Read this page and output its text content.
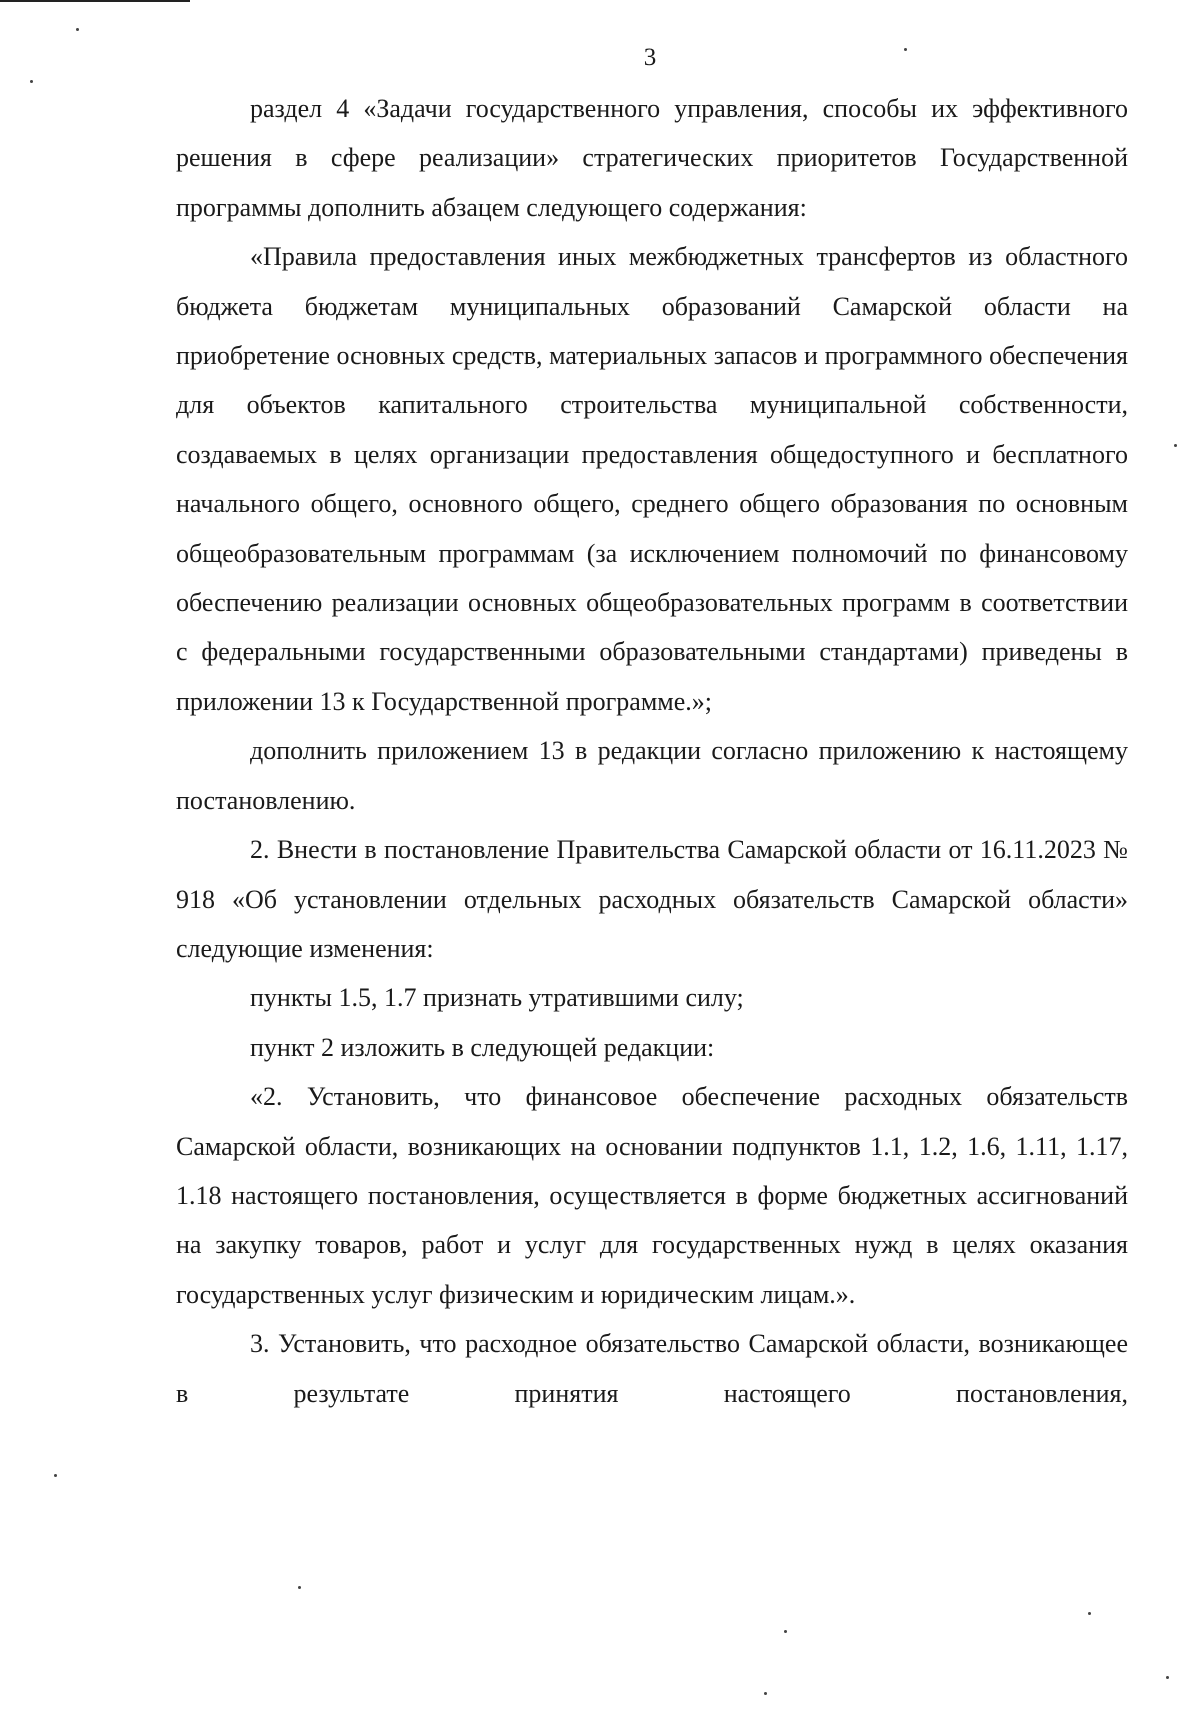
3

раздел 4 «Задачи государственного управления, способы их эффективного решения в сфере реализации» стратегических приоритетов Государственной программы дополнить абзацем следующего содержания:

«Правила предоставления иных межбюджетных трансфертов из областного бюджета бюджетам муниципальных образований Самарской области на приобретение основных средств, материальных запасов и программного обеспечения для объектов капитального строительства муниципальной собственности, создаваемых в целях организации предоставления общедоступного и бесплатного начального общего, основного общего, среднего общего образования по основным общеобразовательным программам (за исключением полномочий по финансовому обеспечению реализации основных общеобразовательных программ в соответствии с федеральными государственными образовательными стандартами) приведены в приложении 13 к Государственной программе.»;

дополнить приложением 13 в редакции согласно приложению к настоящему постановлению.

2. Внести в постановление Правительства Самарской области от 16.11.2023 № 918 «Об установлении отдельных расходных обязательств Самарской области» следующие изменения:

пункты 1.5, 1.7 признать утратившими силу;

пункт 2 изложить в следующей редакции:

«2. Установить, что финансовое обеспечение расходных обязательств Самарской области, возникающих на основании подпунктов 1.1, 1.2, 1.6, 1.11, 1.17, 1.18 настоящего постановления, осуществляется в форме бюджетных ассигнований на закупку товаров, работ и услуг для государственных нужд в целях оказания государственных услуг физическим и юридическим лицам.».

3. Установить, что расходное обязательство Самарской области, возникающее в результате принятия настоящего постановления,
